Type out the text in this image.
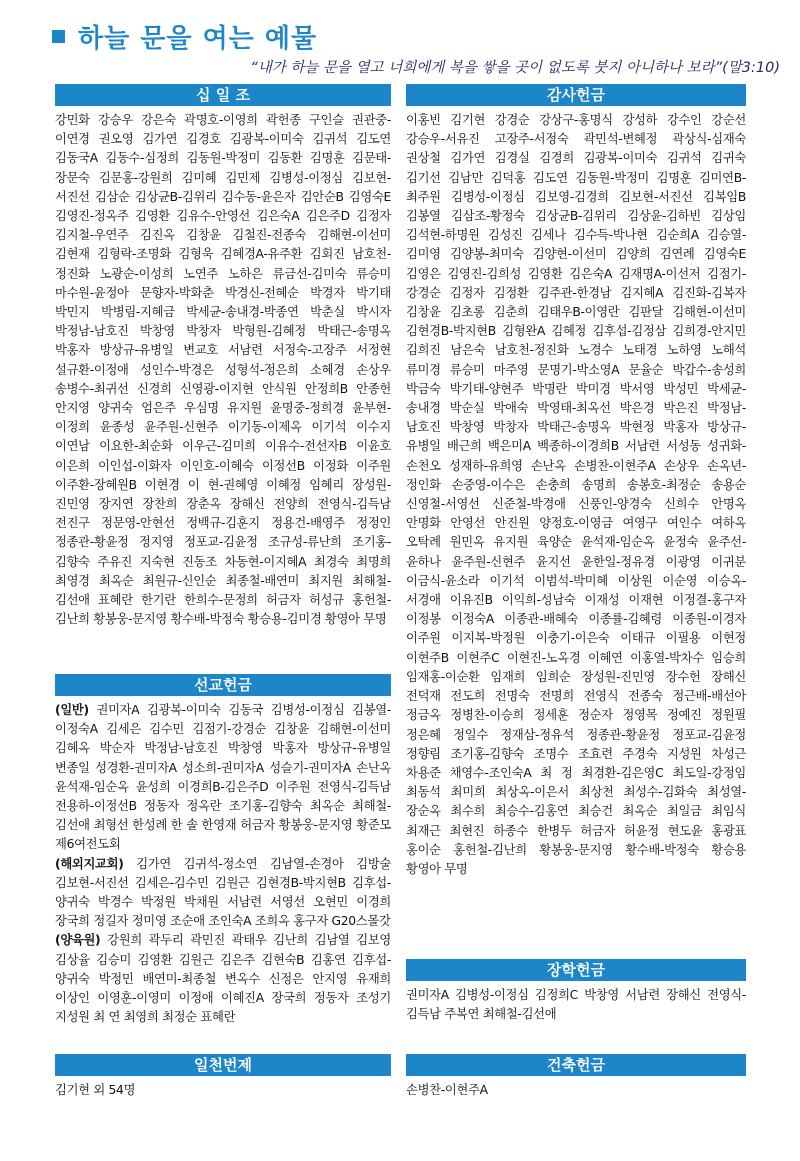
하늘 문을 여는 예물
“내가 하늘 문을 열고 너희에게 복을 쌓을 곳이 없도록 붓지 아니하나 보라”(말3:10)
십 일 조
강민화 강승우 강은숙 곽명호-이영희 곽헌종 구인슬 권관중-이연경 권오영 김가연 김경호 김광복-이미숙 김귀석 김도연 김동국A 김동수-심정희 김동원-박정미 김동환 김명훈 김문태-장문숙 김문홍-강원희 김미혜 김민제 김병성-이정심 김보현-서진선 김삼순 김상균B-김위리 김수동-윤은자 김안순B 김영숙E 김영진-정옥주 김영환 김유수-안영선 김은숙A 김은주D 김정자 김지철-우연주 김진옥 김창윤 김철진-전종숙 김해현-이선미 김현재 김형락-조명화 김형욱 김혜경A-유주환 김회진 남호천-정진화 노광순-이성희 노연주 노하은 류금선-김미숙 류승미 마수원-윤정아 문향자-박화춘 박경신-전혜순 박경자 박기태 박민지 박병림-지혜금 박세균-송내경-박종연 박춘실 박시자 박정남-남호진 박창영 박창자 박형원-김혜정 박태근-송명옥 박홍자 방상규-유병일 변교호 서남련 서정숙-고장주 서정현 설규환-이정애 성인수-박경은 성형석-정은희 소혜경 손상우 송병수-최귀선 신경희 신영광-이지현 안식원 안정희B 안종헌 안지영 양귀숙 엄은주 우심명 유지원 윤명중-정희경 윤부현-이정희 윤종성 윤주원-신현주 이기동-이제옥 이기석 이수지 이연남 이요한-최순화 이우근-김미희 이유수-전선자B 이윤호 이은희 이인섭-이화자 이인호-이혜숙 이정선B 이정화 이주원 이주환-장혜원B 이현경 이 현-권혜영 이혜정 임혜리 장성원-진민영 장지연 장찬희 장춘옥 장해신 전양희 전영식-김득남 전진구 정문영-안현선 정백규-김훈지 정용건-배영주 정정인 정종관-황윤정 정지영 정포교-김윤정 조규성-류난희 조기홍-김향숙 주유진 지숙현 진동조 차동현-이지혜A 최경숙 최명희 최영경 최옥순 최원규-신인순 최종철-배연미 최지원 최해철-김선애 표혜란 한기란 한희수-문정희 허금자 허성규 홍헌철-김난희 황봉웅-문지영 황수배-박정숙 황승용-김미경 황영아 무명
선교헌금
(일반) 권미자A 김광복-이미숙 김동국 김병성-이정심 김봉열-이정숙A 김세은 김수민 김점기-강경순 김창윤 김해현-이선미 김혜옥 박순자 박정남-남호진 박창영 박홍자 방상규-유병일 변종일 성경환-권미자A 성소희-권미자A 성슬기-권미자A 손난옥 윤석재-임순옥 윤성희 이경희B-김은주D 이주원 전영식-김득남 전용하-이정선B 정동자 정옥란 조기홍-김향숙 최옥순 최해철-김선애 최형선 한성례 한 솔 한영재 허금자 황봉웅-문지영 황준모 제6여전도회
(해외지교회) 김가연 김귀석-정소연 김남열-손경아 김방술 김보현-서진선 김세은-김수민 김원근 김현경B-박지현B 김후섭-양귀숙 박경수 박정원 박채원 서남련 서영선 오현민 이경희 장국희 정길자 정미영 조순애 조인숙A 조희옥 홍구자 G20스몰갓
(양육원) 강원희 곽두리 곽민진 곽태우 김난희 김남열 김보영 김상율 김승미 김영환 김원근 김은주 김현숙B 김홍연 김후섭-양귀숙 박정민 배연미-최종철 변옥수 신정은 안지영 유재희 이상인 이영훈-이영미 이정애 이혜진A 장국희 정동자 조성기 지성원 최 연 최영희 최정순 표혜란
일천번제
김기현 외 54명
감사헌금
이홍빈 김기현 강경순 강상구-홍명식 강성하 강수인 강순선 강승우-서유진 고장주-서정숙 곽민석-변혜정 곽상식-심재숙 권상철 김가연 김경실 김경희 김광복-이미숙 김귀석 김귀숙 김기선 김남만 김덕홍 김도연 김동원-박정미 김명훈 김미연B-최주원 김병성-이정심 김보영-김경희 김보현-서진선 김복임B 김봉열 김삼조-황정숙 김상균B-김위리 김상윤-김하빈 김상임 김석현-하명원 김성진 김세나 김수득-박나현 김순희A 김승열-김미영 김양봉-최미숙 김양현-이선미 김양희 김연례 김영숙E 김영은 김영진-김희성 김영환 김은숙A 김재명A-이선저 김점기-강경순 김정자 김정환 김주관-한경남 김지혜A 김진화-김복자 김창윤 김초롱 김춘희 김태우B-이영란 김판달 김해현-이선미 김현경B-박지현B 김형완A 김혜정 김후섭-김정삼 김희경-안지민 김희진 남은숙 남호천-정진화 노경수 노태경 노하영 노해석 류미경 류승미 마주영 문명기-박소영A 문율순 박갑수-송성희 박금숙 박기태-양현주 박명란 박미경 박서영 박성민 박세균-송내경 박순실 박애숙 박영태-최옥선 박은경 박은진 박정남-남호진 박창영 박창자 박태근-송명옥 박현정 박홍자 방상규-유병일 배근희 백은미A 백종하-이경희B 서남련 서성동 성귀화-손천오 성재하-유희영 손난옥 손병찬-이현주A 손상우 손옥년-정인화 손중영-이수은 손충희 송명희 송봉호-최정순 송용순 신영철-서영선 신준철-박경애 신풍인-양경숙 신희수 안명옥 안명화 안영선 안진원 양정호-이영금 여영구 여인수 여하옥 오탁례 원민옥 유지원 육양순 윤석재-임순옥 윤정숙 윤주선-윤하나 윤주원-신현주 윤지선 윤한일-정유경 이광영 이귀분 이금식-윤소라 이기석 이범석-박미혜 이상원 이순영 이승옥-서경애 이유진B 이익희-성남숙 이재성 이재현 이정결-홍구자 이정봉 이정숙A 이종관-배혜숙 이종률-김혜령 이종원-이경자 이주원 이지복-박정원 이충기-이은숙 이태규 이필용 이현정 이현주B 이현주C 이현진-노옥경 이혜연 이홍열-박차수 임승희 임재홍-이순환 임재희 임희순 장성원-진민영 장수헌 장해신 전덕재 전도희 전명숙 전명희 전영식 전종숙 정근배-배선아 정금옥 정병찬-이승희 정세훈 정순자 정영목 정예진 정원필 정은혜 정일수 정재삼-정유석 정종관-황윤정 정포교-김윤정 정향림 조기홍-김향숙 조명수 조효련 주경숙 지성원 차성근 차용준 채영수-조인숙A 최 정 최경환-김은영C 최도일-강정임 최동석 최미희 최상옥-이은서 최상천 최성수-김화숙 최성열-장순옥 최수희 최승수-김홍연 최승건 최옥순 최일금 최임식 최재근 최현진 하종수 한병두 허금자 허윤정 현도윤 홍광표 홍이순 홍헌철-김난희 황봉웅-문지영 황수배-박정숙 황승용 황영아 무명
장학헌금
권미자A 김병성-이정심 김정희C 박창영 서남련 장해신 전영식-김득남 주복연 최해철-김선애
건축헌금
손병찬-이현주A
